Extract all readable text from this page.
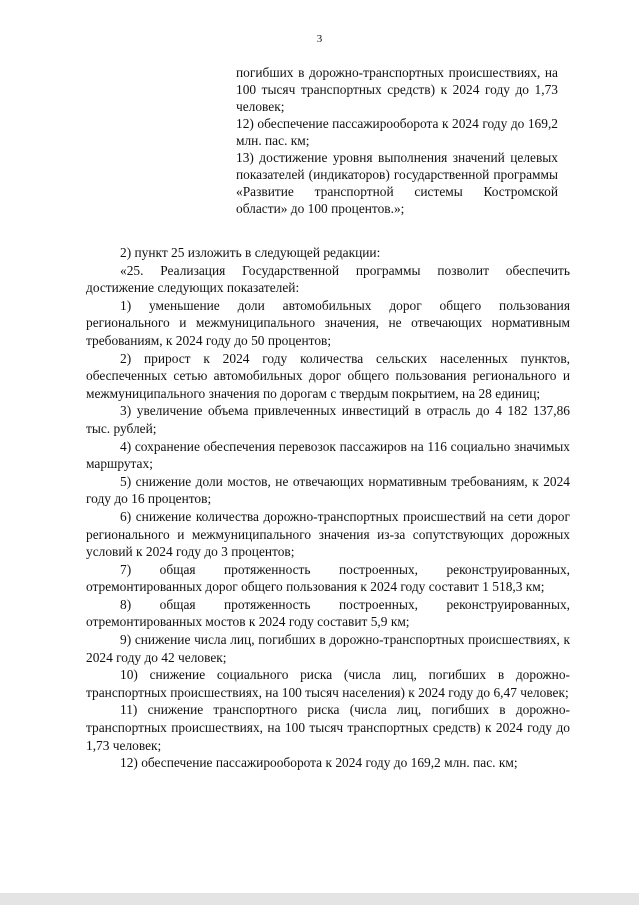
3

погибших в дорожно-транспортных происшествиях, на 100 тысяч транспортных средств) к 2024 году до 1,73 человек;

12) обеспечение пассажирооборота к 2024 году до 169,2 млн. пас. км;

13) достижение уровня выполнения значений целевых показателей (индикаторов) государственной программы «Развитие транспортной системы Костромской области» до 100 процентов.»;

2) пункт 25 изложить в следующей редакции:

«25. Реализация Государственной программы позволит обеспечить достижение следующих показателей:

1) уменьшение доли автомобильных дорог общего пользования регионального и межмуниципального значения, не отвечающих нормативным требованиям, к 2024 году до 50 процентов;

2) прирост к 2024 году количества сельских населенных пунктов, обеспеченных сетью автомобильных дорог общего пользования регионального и межмуниципального значения по дорогам с твердым покрытием, на 28 единиц;

3) увеличение объема привлеченных инвестиций в отрасль до 4 182 137,86 тыс. рублей;

4) сохранение обеспечения перевозок пассажиров на 116 социально значимых маршрутах;

5) снижение доли мостов, не отвечающих нормативным требованиям, к 2024 году до 16 процентов;

6) снижение количества дорожно-транспортных происшествий на сети дорог регионального и межмуниципального значения из-за сопутствующих дорожных условий к 2024 году до 3 процентов;

7) общая протяженность построенных, реконструированных, отремонтированных дорог общего пользования к 2024 году составит 1 518,3 км;

8) общая протяженность построенных, реконструированных, отремонтированных мостов к 2024 году составит 5,9 км;

9) снижение числа лиц, погибших в дорожно-транспортных происшествиях, к 2024 году до 42 человек;

10) снижение социального риска (числа лиц, погибших в дорожно-транспортных происшествиях, на 100 тысяч населения) к 2024 году до 6,47 человек;

11) снижение транспортного риска (числа лиц, погибших в дорожно-транспортных происшествиях, на 100 тысяч транспортных средств) к 2024 году до 1,73 человек;

12) обеспечение пассажирооборота к 2024 году до 169,2 млн. пас. км;
